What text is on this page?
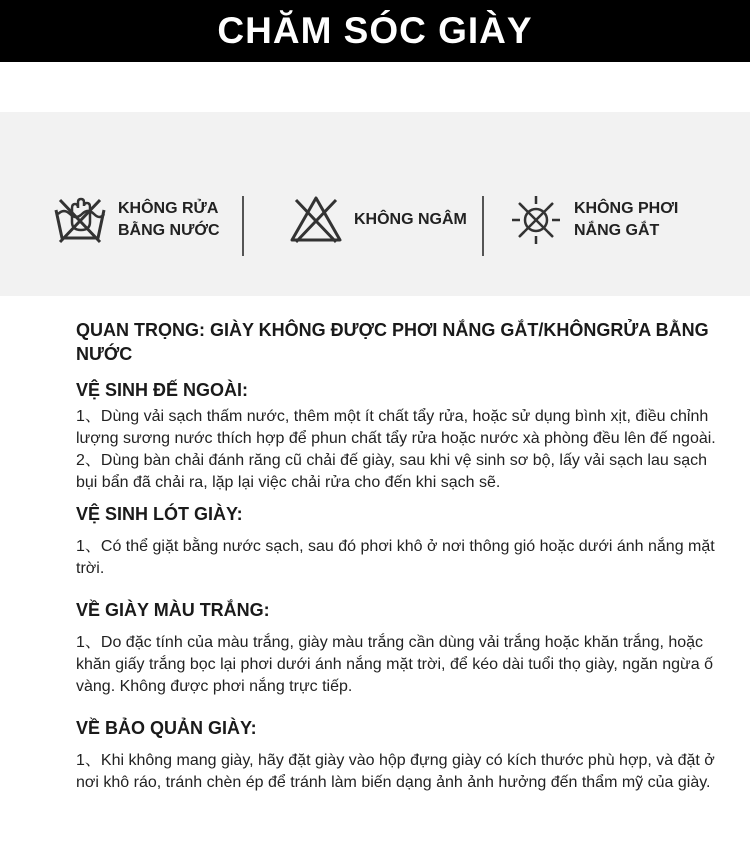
CHĂM SÓC GIÀY
KHÔNG RỬA
BẰNG NƯỚC
KHÔNG NGÂM
KHÔNG PHƠI
NẮNG GẮT

QUAN TRỌNG: GIÀY KHÔNG ĐƯỢC PHƠI NẮNG GẮT/KHÔNGRỬA BẰNG NƯỚC

VỆ SINH ĐẾ NGOÀI:

1、Dùng vải sạch thấm nước, thêm một ít chất tẩy rửa, hoặc sử dụng bình xịt, điều chỉnh lượng sương nước thích hợp để phun chất tẩy rửa hoặc nước xà phòng đều lên đế ngoài.

2、Dùng bàn chải đánh răng cũ chải đế giày, sau khi vệ sinh sơ bộ, lấy vải sạch lau sạch bụi bẩn đã chải ra, lặp lại việc chải rửa cho đến khi sạch sẽ.

VỆ SINH LÓT GIÀY:

1、Có thể giặt bằng nước sạch, sau đó phơi khô ở nơi thông gió hoặc dưới ánh nắng mặt trời.

VỀ GIÀY MÀU TRẮNG:

1、Do đặc tính của màu trắng, giày màu trắng cần dùng vải trắng hoặc khăn trắng, hoặc khăn giấy trắng bọc lại phơi dưới ánh nắng mặt trời, để kéo dài tuổi thọ giày, ngăn ngừa ố vàng. Không được phơi nắng trực tiếp.

VỀ BẢO QUẢN GIÀY:

1、Khi không mang giày, hãy đặt giày vào hộp đựng giày có kích thước phù hợp, và đặt ở nơi khô ráo, tránh chèn ép để tránh làm biến dạng ảnh ảnh hưởng đến thẩm mỹ của giày.
